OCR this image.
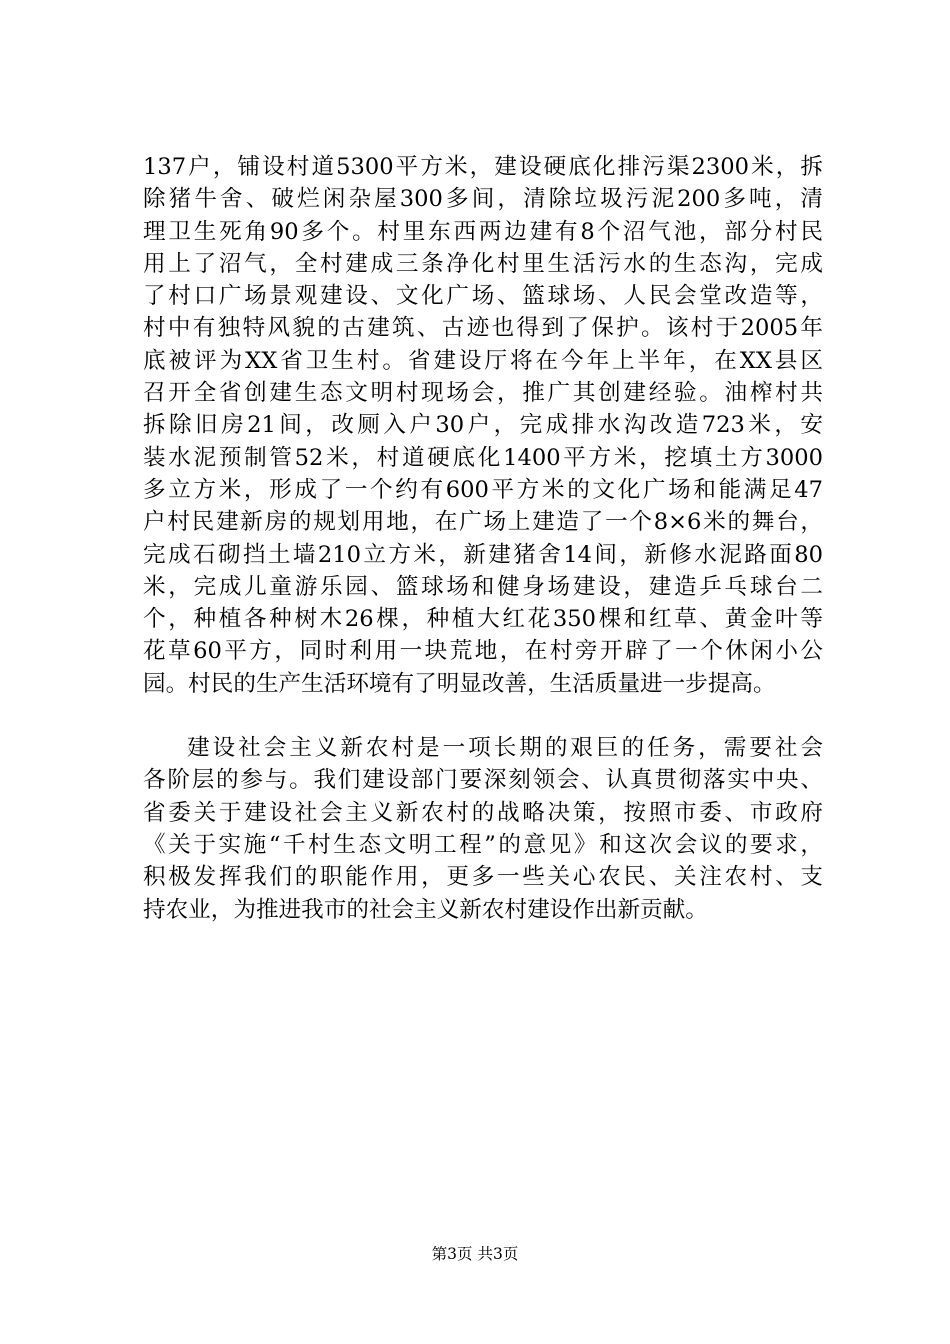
137户，铺设村道5300平方米，建设硬底化排污渠2300米，拆
除猪牛舍、破烂闲杂屋300多间，清除垃圾污泥200多吨，清
理卫生死角90多个。村里东西两边建有8个沼气池，部分村民
用上了沼气，全村建成三条净化村里生活污水的生态沟，完成
了村口广场景观建设、文化广场、篮球场、人民会堂改造等，
村中有独特风貌的古建筑、古迹也得到了保护。该村于2005年
底被评为XX省卫生村。省建设厅将在今年上半年，在XX县区
召开全省创建生态文明村现场会，推广其创建经验。油榨村共
拆除旧房21间，改厕入户30户，完成排水沟改造723米，安
装水泥预制管52米，村道硬底化1400平方米，挖填土方3000
多立方米，形成了一个约有600平方米的文化广场和能满足47
户村民建新房的规划用地，在广场上建造了一个8×6米的舞台，
完成石砌挡土墙210立方米，新建猪舍14间，新修水泥路面80
米，完成儿童游乐园、篮球场和健身场建设，建造乒乓球台二
个，种植各种树木26棵，种植大红花350棵和红草、黄金叶等
花草60平方，同时利用一块荒地，在村旁开辟了一个休闲小公
园。村民的生产生活环境有了明显改善，生活质量进一步提高。

建设社会主义新农村是一项长期的艰巨的任务，需要社会
各阶层的参与。我们建设部门要深刻领会、认真贯彻落实中央、
省委关于建设社会主义新农村的战略决策，按照市委、市政府
《关于实施“千村生态文明工程”的意见》和这次会议的要求，
积极发挥我们的职能作用，更多一些关心农民、关注农村、支
持农业，为推进我市的社会主义新农村建设作出新贡献。

第3页 共3页
